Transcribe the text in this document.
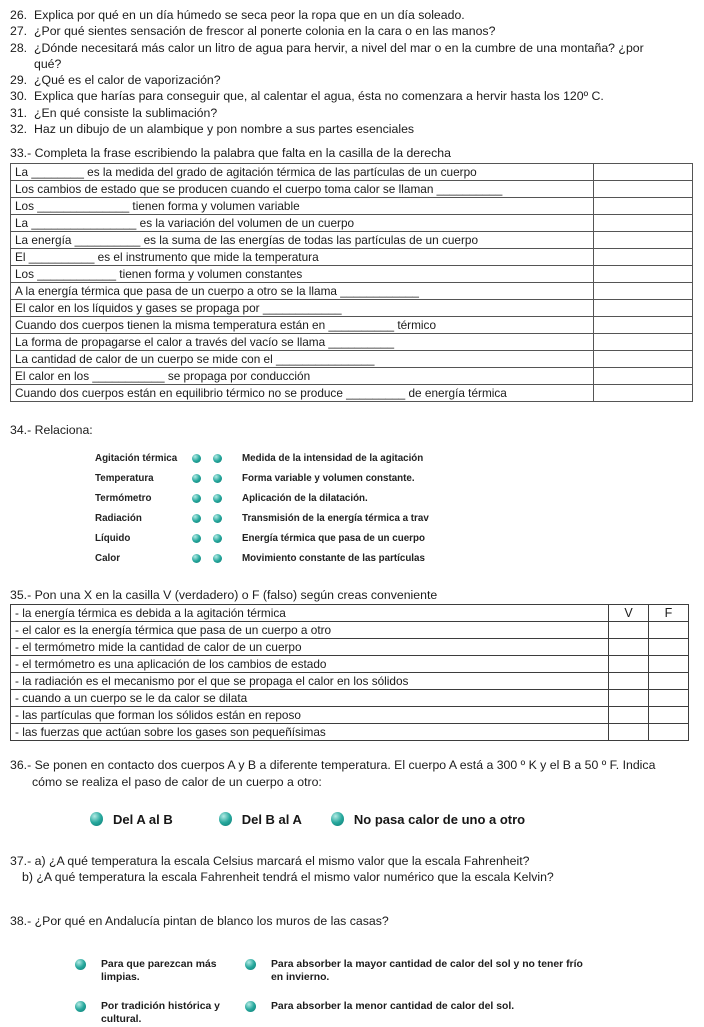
26. Explica por qué en un día húmedo se seca peor la ropa que en un día soleado.
27. ¿Por qué sientes sensación de frescor al ponerte colonia en la cara o en las manos?
28. ¿Dónde necesitará más calor un litro de agua para hervir, a nivel del mar o en la cumbre de una montaña? ¿por
qué?
29. ¿Qué es el calor de vaporización?
30. Explica que harías para conseguir que, al calentar el agua, ésta no comenzara a hervir hasta los 120º C.
31. ¿En qué consiste la sublimación?
32. Haz un dibujo de un alambique y pon nombre a sus partes esenciales
33.- Completa la frase escribiendo la palabra que falta en la casilla de la derecha
La ________ es la medida del grado de agitación térmica de las partículas de un cuerpo	
Los cambios de estado que se producen cuando el cuerpo toma calor se llaman __________	
Los ______________ tienen forma y volumen variable	
La ________________ es la variación del volumen de un cuerpo	
La energía __________ es la suma de las energías de todas las partículas de un cuerpo	
El __________ es el instrumento que mide la temperatura	
Los ____________ tienen forma y volumen constantes	
A la energía térmica que pasa de un cuerpo a otro se la llama ____________	
El calor en los líquidos y gases se propaga por ____________	
Cuando dos cuerpos tienen la misma temperatura están en __________ térmico	
La forma de propagarse el calor a través del vacío se llama __________	
La cantidad de calor de un cuerpo se mide con el _______________	
El calor en los ___________ se propaga por conducción	
Cuando dos cuerpos están en equilibrio térmico no se produce _________ de energía térmica	
34.- Relaciona:
Agitación térmica	Medida de la intensidad de la agitación
Temperatura	Forma variable y volumen constante.
Termómetro	Aplicación de la dilatación.
Radiación	Transmisión de la energía térmica a trav
Líquido	Energía térmica que pasa de un cuerpo
Calor	Movimiento constante de las partículas
35.- Pon una X en la casilla V (verdadero) o F (falso) según creas conveniente
- la energía térmica es debida a la agitación térmica	V	F
- el calor es la energía térmica que pasa de un cuerpo a otro		
- el termómetro mide la cantidad de calor de un cuerpo		
- el termómetro es una aplicación de los cambios de estado		
- la radiación es el mecanismo por el que se propaga el calor en los sólidos		
- cuando a un cuerpo se le da calor se dilata		
- las partículas que forman los sólidos están en reposo		
- las fuerzas que actúan sobre los gases son pequeñísimas		
36.- Se ponen en contacto dos cuerpos A y B a diferente temperatura. El cuerpo A está a 300 º K y el B a 50 º F. Indica
cómo se realiza el paso de calor de un cuerpo a otro:
Del A al B	Del B al A	No pasa calor de uno a otro
37.- a) ¿A qué temperatura la escala Celsius marcará el mismo valor que la escala Fahrenheit?
b) ¿A qué temperatura la escala Fahrenheit tendrá el mismo valor numérico que la escala Kelvin?
38.- ¿Por qué en Andalucía pintan de blanco los muros de las casas?
Para que parezcan más limpias.
Para absorber la mayor cantidad de calor del sol y no tener frío en invierno.
Por tradición histórica y cultural.
Para absorber la menor cantidad de calor del sol.
